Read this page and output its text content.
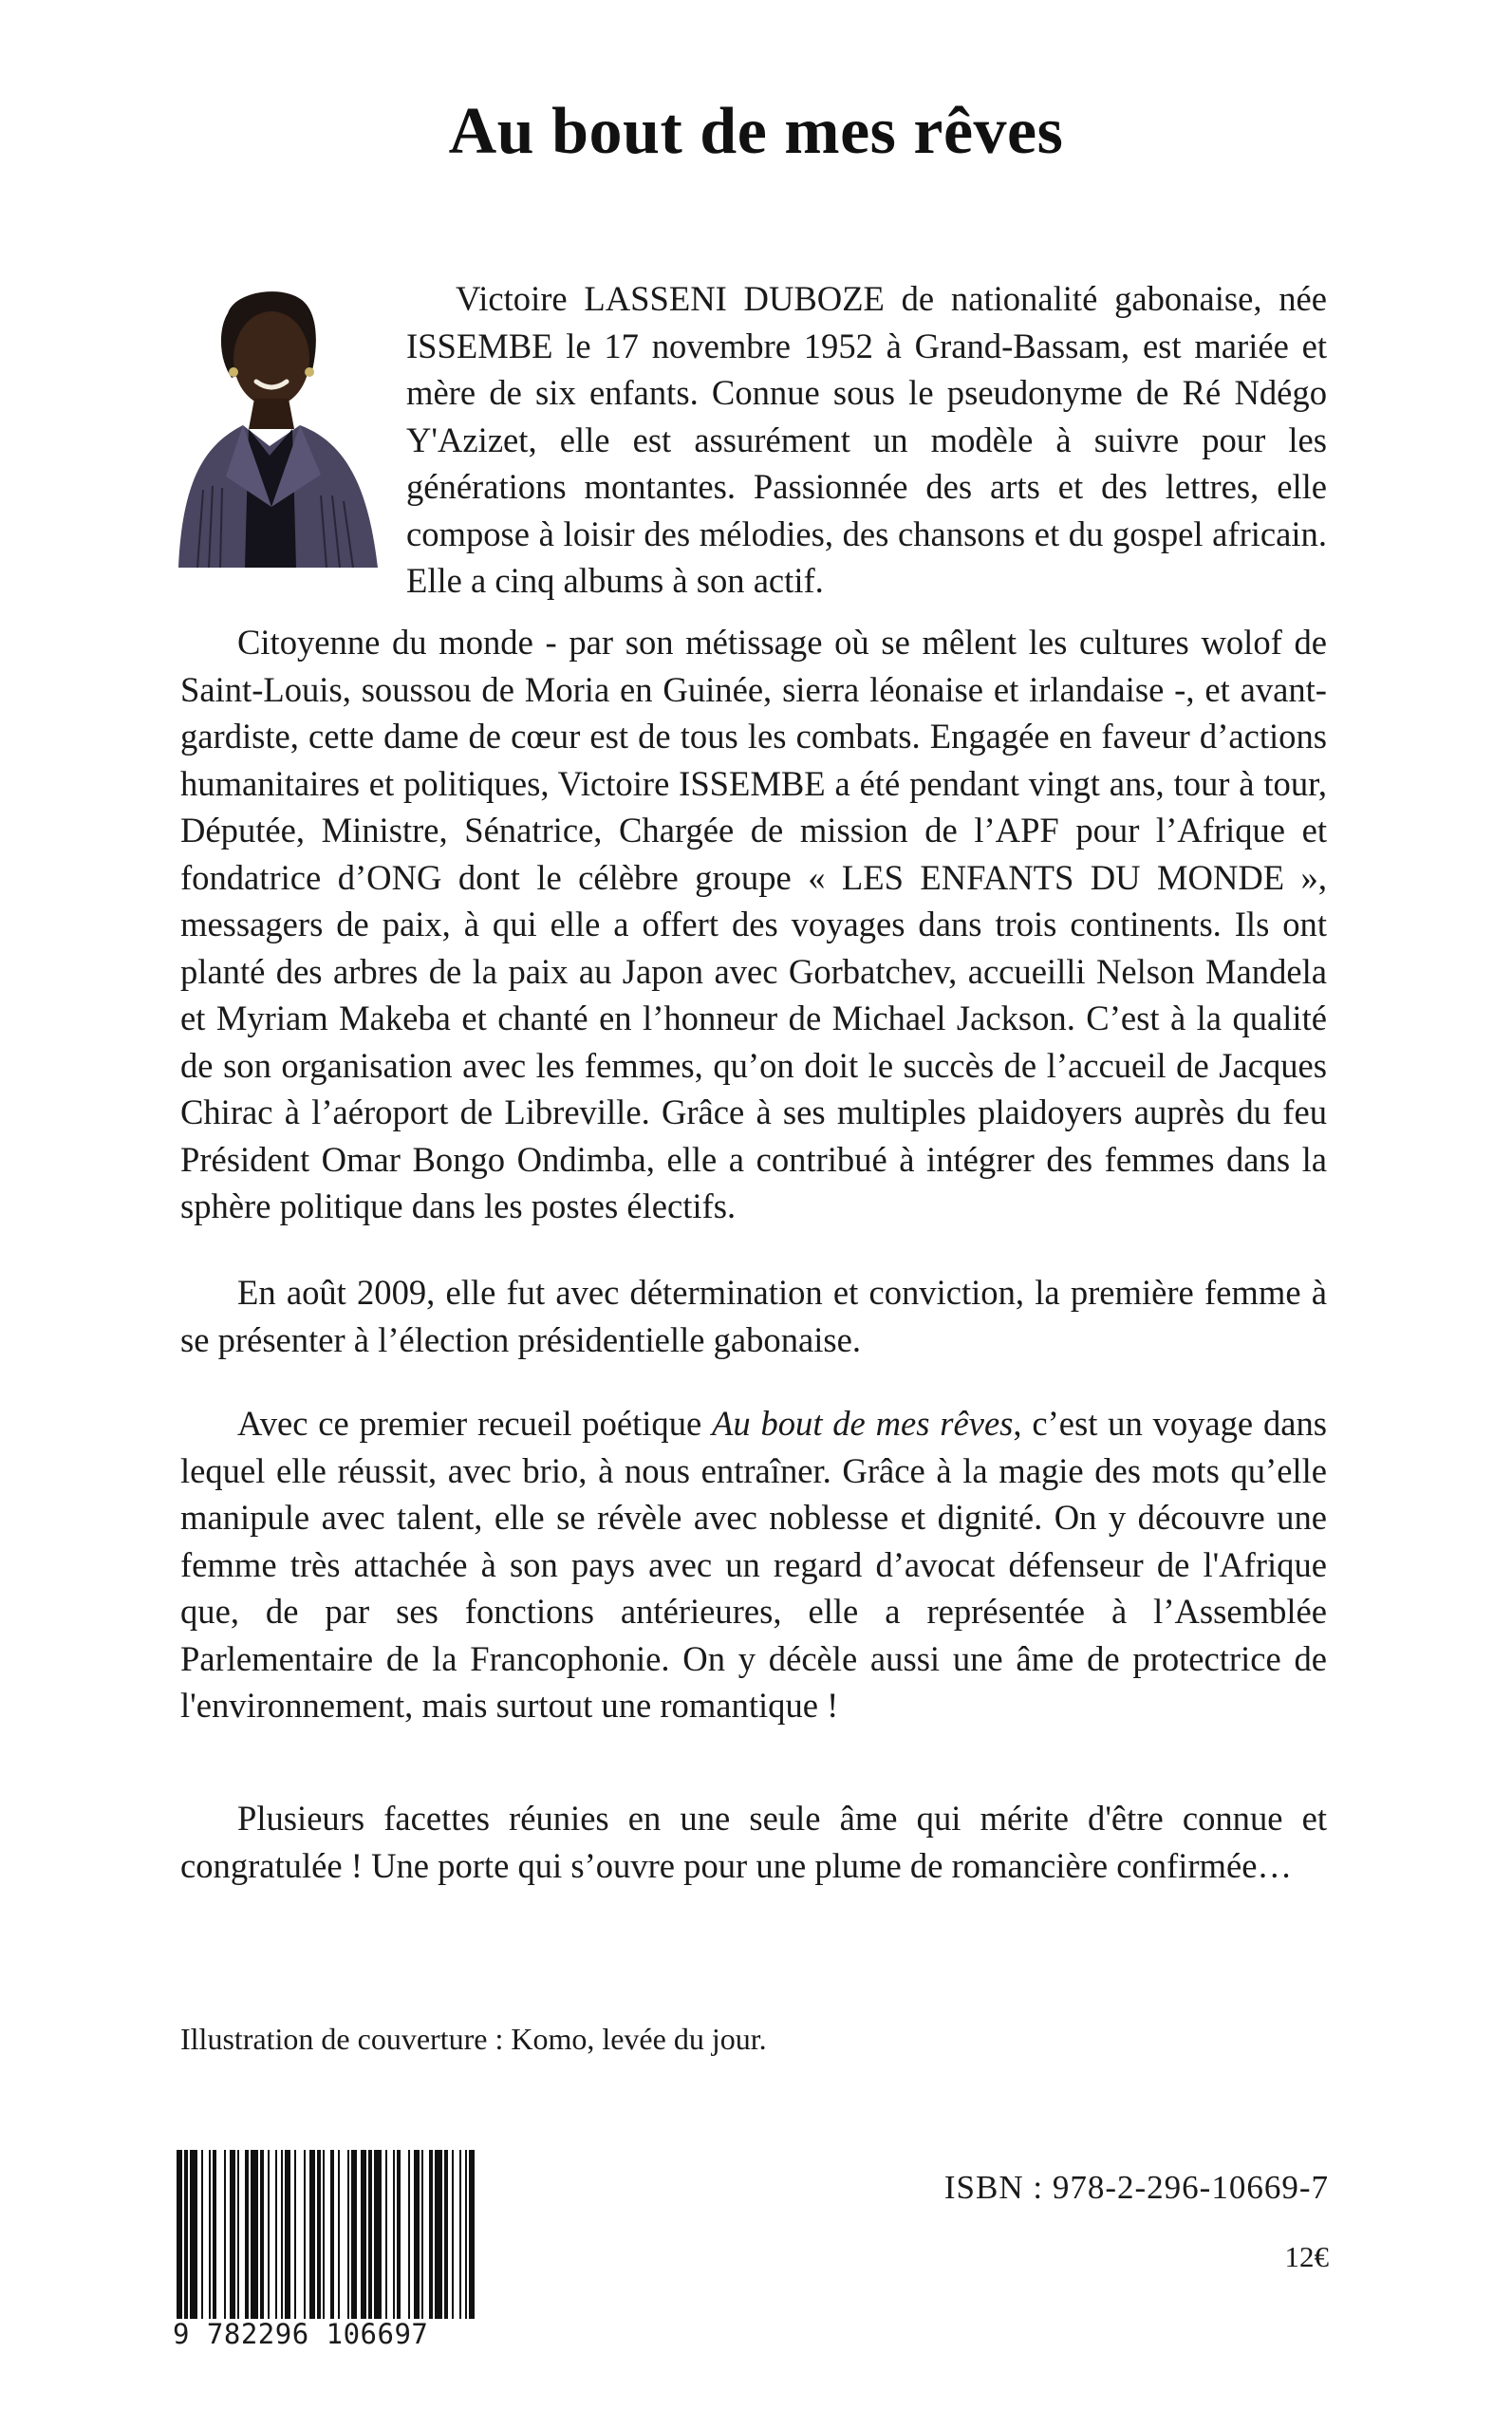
Au bout de mes rêves

Victoire LASSENI DUBOZE de nationalité gabonaise, née ISSEMBE le 17 novembre 1952 à Grand-Bassam, est mariée et mère de six enfants. Connue sous le pseudonyme de Ré Ndégo Y'Azizet, elle est assurément un modèle à suivre pour les générations montantes. Passionnée des arts et des lettres, elle compose à loisir des mélodies, des chansons et du gospel africain. Elle a cinq albums à son actif.

Citoyenne du monde - par son métissage où se mêlent les cultures wolof de Saint-Louis, soussou de Moria en Guinée, sierra léonaise et irlandaise -, et avant-gardiste, cette dame de cœur est de tous les combats. Engagée en faveur d’actions humanitaires et politiques, Victoire ISSEMBE a été pendant vingt ans, tour à tour, Députée, Ministre, Sénatrice, Chargée de mission de l’APF pour l’Afrique et fondatrice d’ONG dont le célèbre groupe « LES ENFANTS DU MONDE », messagers de paix, à qui elle a offert des voyages dans trois continents. Ils ont planté des arbres de la paix au Japon avec Gorbatchev, accueilli Nelson Mandela et Myriam Makeba et chanté en l’honneur de Michael Jackson. C’est à la qualité de son organisation avec les femmes, qu’on doit le succès de l’accueil de Jacques Chirac à l’aéroport de Libreville. Grâce à ses multiples plaidoyers auprès du feu Président Omar Bongo Ondimba, elle a contribué à intégrer des femmes dans la sphère politique dans les postes électifs.

En août 2009, elle fut avec détermination et conviction, la première femme à se présenter à l’élection présidentielle gabonaise.

Avec ce premier recueil poétique Au bout de mes rêves, c’est un voyage dans lequel elle réussit, avec brio, à nous entraîner. Grâce à la magie des mots qu’elle manipule avec talent, elle se révèle avec noblesse et dignité. On y découvre une femme très attachée à son pays avec un regard d’avocat défenseur de l'Afrique que, de par ses fonctions antérieures, elle a représentée à l’Assemblée Parlementaire de la Francophonie. On y décèle aussi une âme de protectrice de l'environnement, mais surtout une romantique !

Plusieurs facettes réunies en une seule âme qui mérite d'être connue et congratulée ! Une porte qui s’ouvre pour une plume de romancière confirmée…

Illustration de couverture : Komo, levée du jour.
9 782296 106697
ISBN : 978-2-296-10669-7
12€
